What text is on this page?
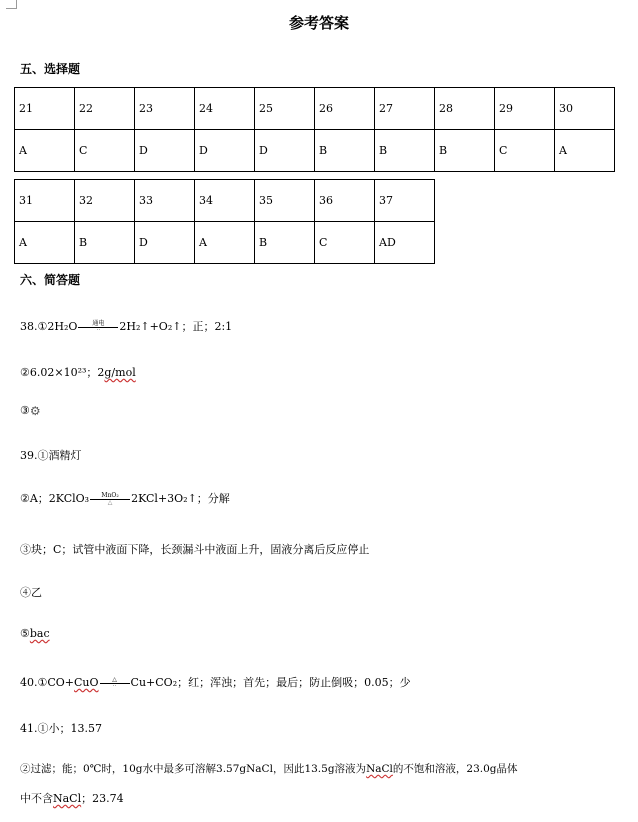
参考答案
五、选择题
21	22	23	24	25	26	27	28	29	30
A	C	D	D	D	B	B	B	C	A
31	32	33	34	35	36	37
A	B	D	A	B	C	AD
六、简答题
38.①2H₂O $\frac{\text{通电}}{\cdot\cdot}$ 2H₂↑+O₂↑；正；2:1
②6.02×10²³；2g/mol
③⚙
39.①酒精灯
②A；2KClO₃ $\frac{\text{MnO₂}}{\triangle}$ 2KCl+3O₂↑；分解
③块；C；试管中液面下降，长颈漏斗中液面上升，固液分离后反应停止
④乙
⑤bac
40.①CO+CuO $\frac{\triangle}{\cdot\cdot} Cu+CO_2$；红；浑浊；首先；最后；防止倒吸；0.05；少
41.①小；13.57
②过滤；能；0℃时，10g水中最多可溶解3.57gNaCl，因此13.5g溶液为NaCl的不饱和溶液，23.0g晶体
中不含NaCl；23.74
